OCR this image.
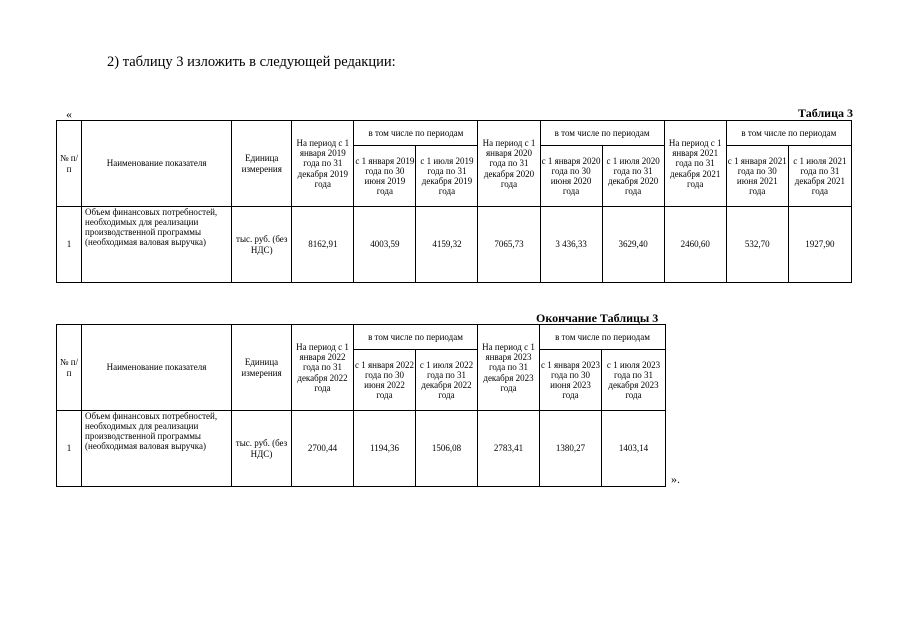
2) таблицу 3 изложить в следующей редакции:
«	Таблица 3
№ п/п	Наименование показателя	Единица измерения	На период с 1 января 2019 года по 31 декабря 2019 года	в том числе по периодам		На период с 1 января 2020 года по 31 декабря 2020 года	в том числе по периодам		На период с 1 января 2021 года по 31 декабря 2021 года	в том числе по периодам	
				с 1 января 2019 года по 30 июня 2019 года	с 1 июля 2019 года по 31 декабря 2019 года		с 1 января 2020 года по 30 июня 2020 года	с 1 июля 2020 года по 31 декабря 2020 года		с 1 января 2021 года по 30 июня 2021 года	с 1 июля 2021 года по 31 декабря 2021 года
1	Объем финансовых потребностей, необходимых для реализации производственной программы (необходимая валовая выручка)	тыс. руб. (без НДС)	8162,91	4003,59	4159,32	7065,73	3 436,33	3629,40	2460,60	532,70	1927,90
Окончание Таблицы 3
№ п/п	Наименование показателя	Единица измерения	На период с 1 января 2022 года по 31 декабря 2022 года	в том числе по периодам		На период с 1 января 2023 года по 31 декабря 2023 года	в том числе по периодам	
				с 1 января 2022 года по 30 июня 2022 года	с 1 июля 2022 года по 31 декабря 2022 года		с 1 января 2023 года по 30 июня 2023 года	с 1 июля 2023 года по 31 декабря 2023 года
1	Объем финансовых потребностей, необходимых для реализации производственной программы (необходимая валовая выручка)	тыс. руб. (без НДС)	2700,44	1194,36	1506,08	2783,41	1380,27	1403,14
».
